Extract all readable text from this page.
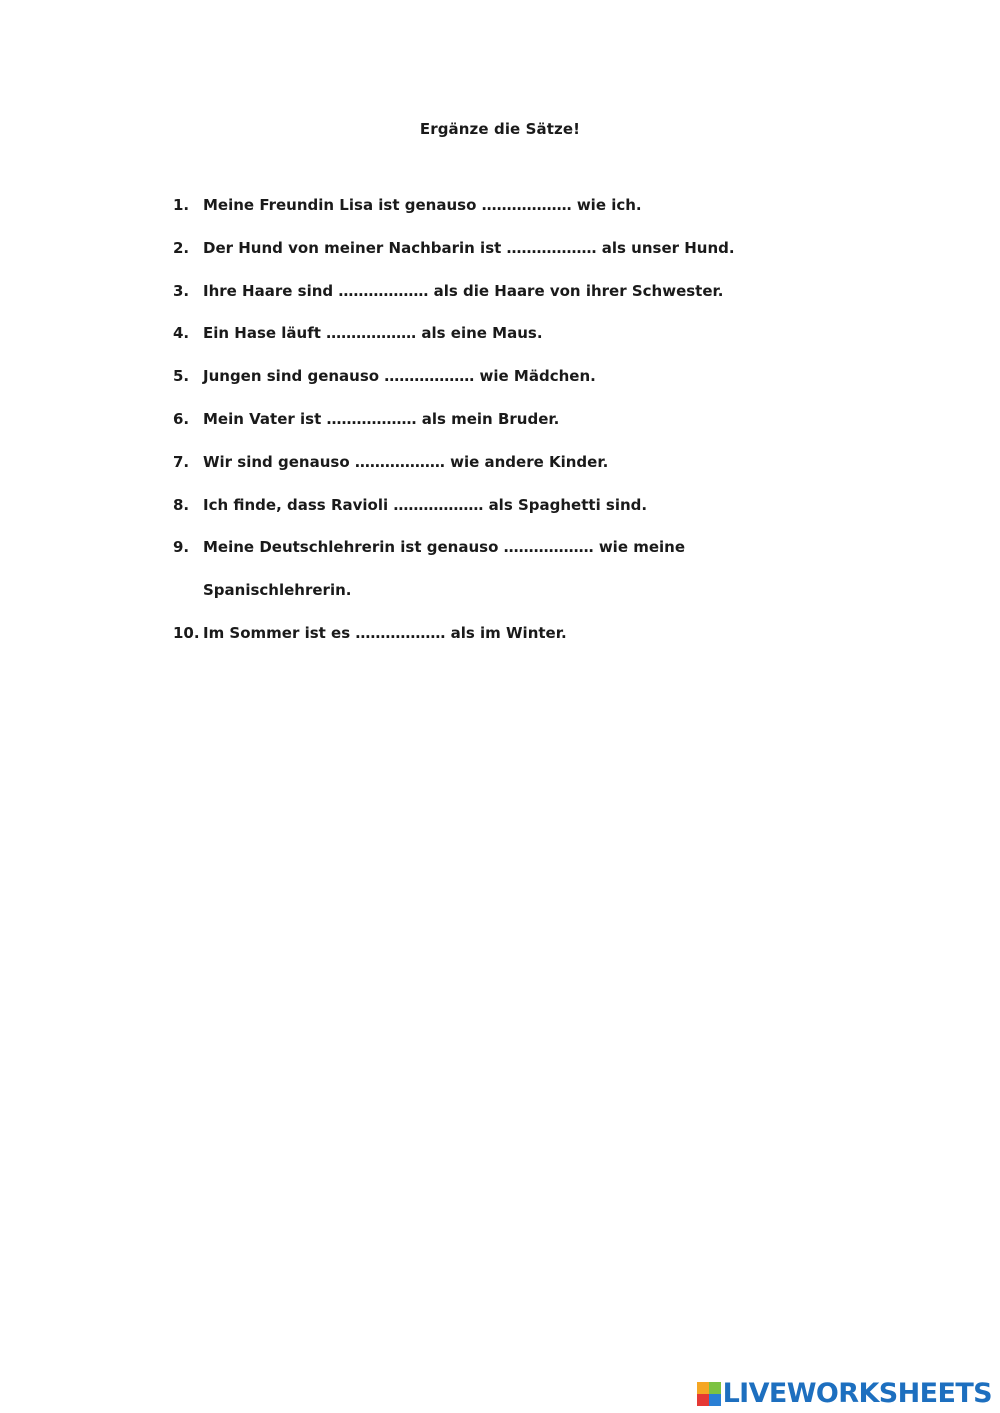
Ergänze die Sätze!
1. Meine Freundin Lisa ist genauso ……………… wie ich.
2. Der Hund von meiner Nachbarin ist ……………… als unser Hund.
3. Ihre Haare sind ……………… als die Haare von ihrer Schwester.
4. Ein Hase läuft ……………… als eine Maus.
5. Jungen sind genauso ……………… wie Mädchen.
6. Mein Vater ist ……………… als mein Bruder.
7. Wir sind genauso ……………… wie andere Kinder.
8. Ich finde, dass Ravioli ……………… als Spaghetti sind.
9. Meine Deutschlehrerin ist genauso ……………… wie meine
Spanischlehrerin.
10. Im Sommer ist es ……………… als im Winter.
LIVEWORKSHEETS
